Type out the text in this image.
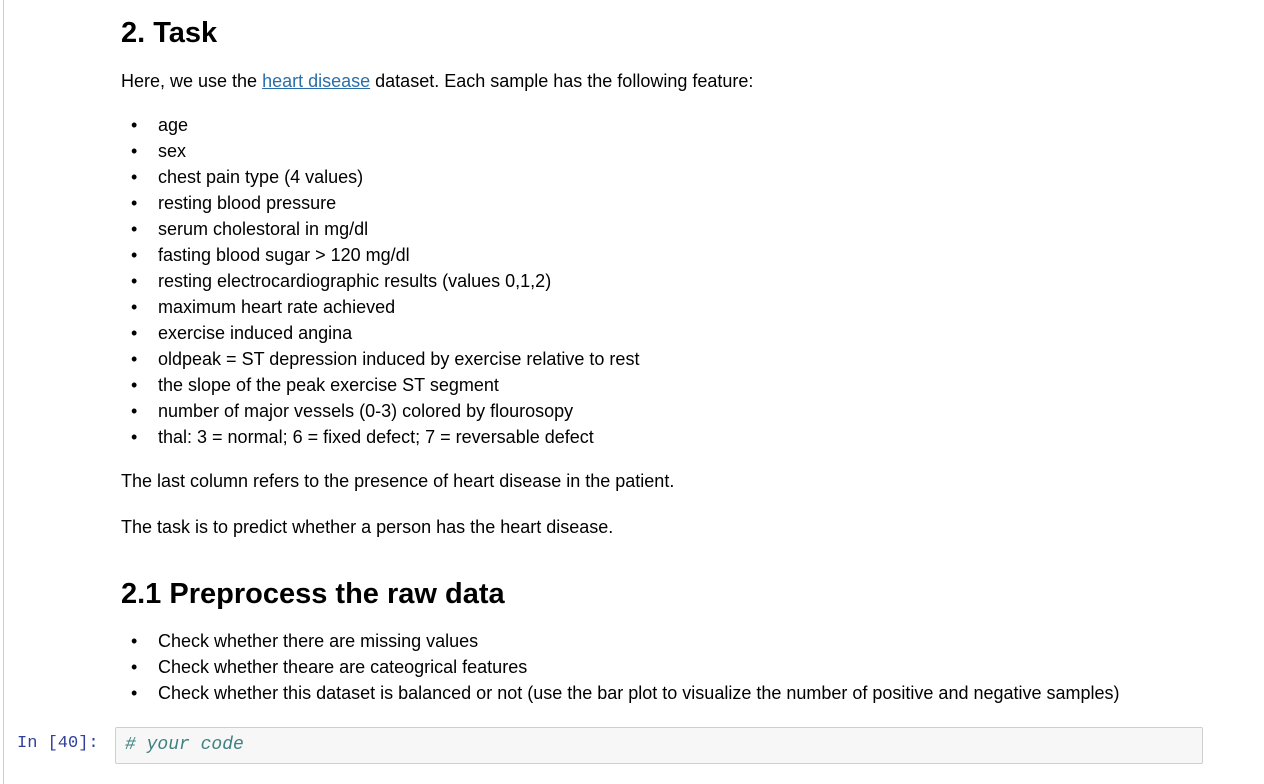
2. Task

Here, we use the heart disease dataset. Each sample has the following feature:

• age
• sex
• chest pain type (4 values)
• resting blood pressure
• serum cholestoral in mg/dl
• fasting blood sugar > 120 mg/dl
• resting electrocardiographic results (values 0,1,2)
• maximum heart rate achieved
• exercise induced angina
• oldpeak = ST depression induced by exercise relative to rest
• the slope of the peak exercise ST segment
• number of major vessels (0-3) colored by flourosopy
• thal: 3 = normal; 6 = fixed defect; 7 = reversable defect

The last column refers to the presence of heart disease in the patient.

The task is to predict whether a person has the heart disease.

2.1 Preprocess the raw data
• Check whether there are missing values
• Check whether theare are cateogrical features
• Check whether this dataset is balanced or not (use the bar plot to visualize the number of positive and negative samples)
In [40]: # your code
